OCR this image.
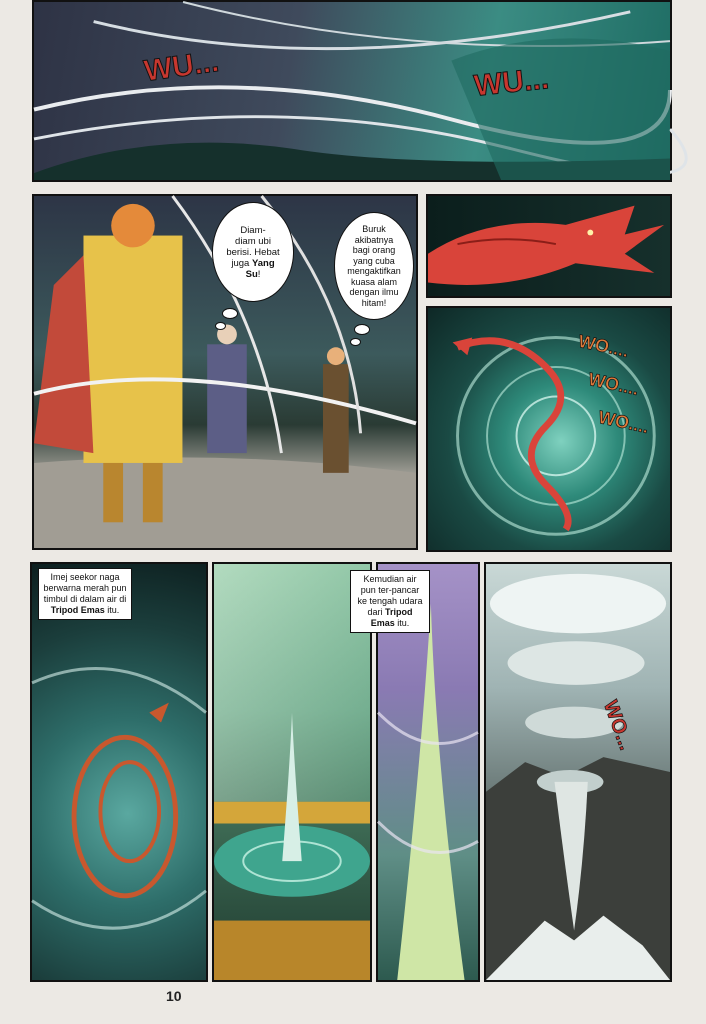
WU...	WU...
Diam-
diam ubi
berisi. Hebat
juga Yang
Su!
Buruk
akibatnya
bagi orang
yang cuba
mengaktifkan
kuasa alam
dengan ilmu
hitam!
WO....
WO....
WO....
Imej seekor naga berwarna merah pun timbul di dalam air di Tripod Emas itu.
Kemudian air pun ter-pancar ke tengah udara dari Tripod Emas itu.
WO...
10
